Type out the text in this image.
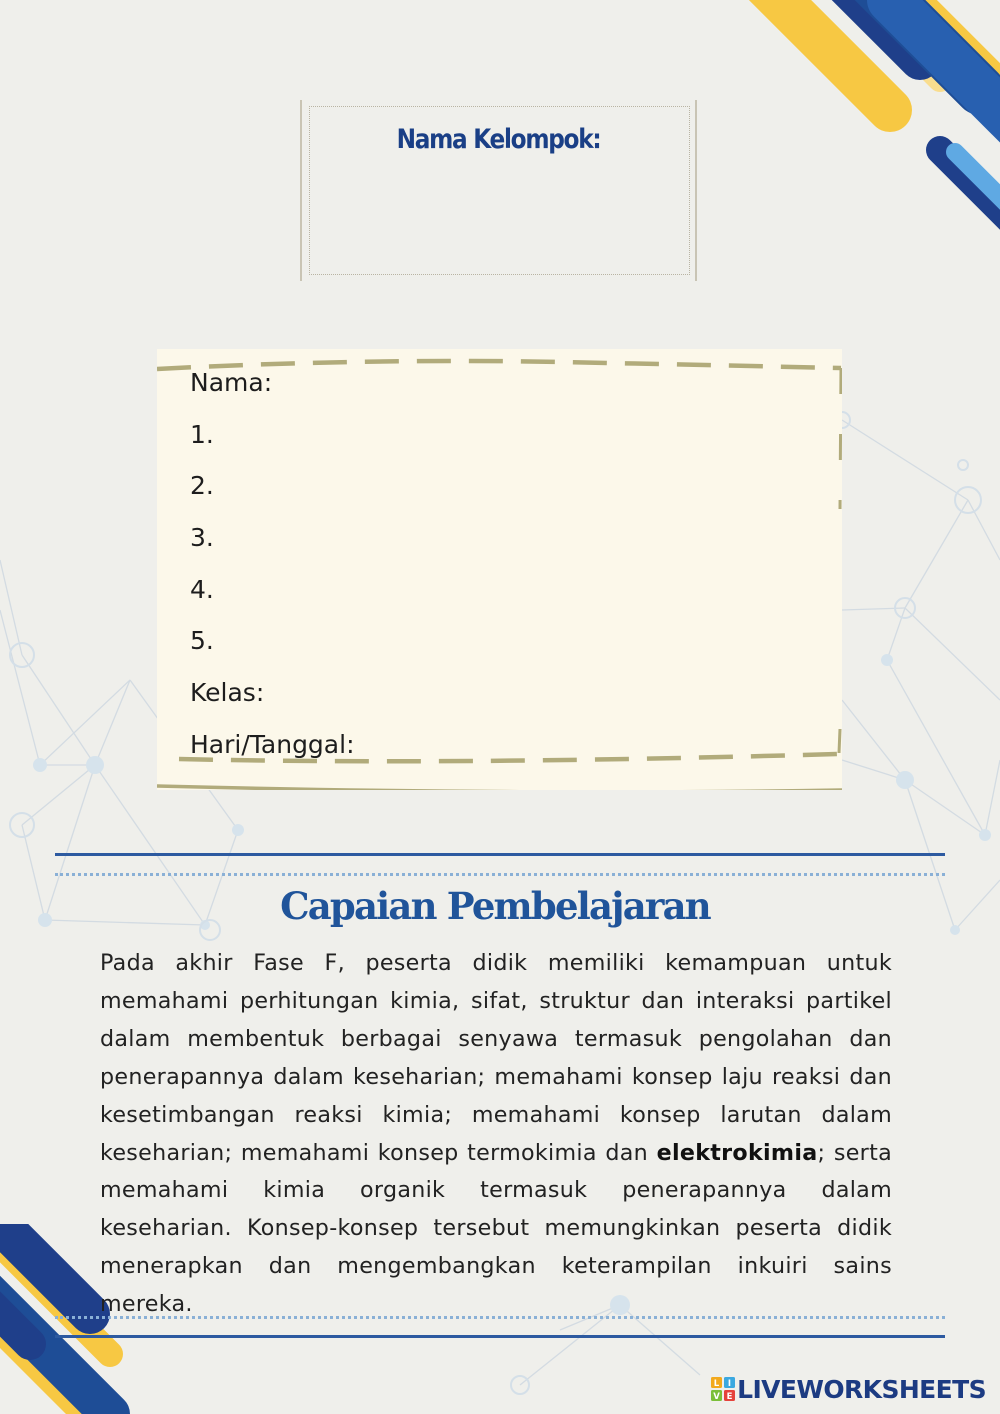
Nama Kelompok:
Nama:
1.
2.
3.
4.
5.
Kelas:
Hari/Tanggal:
Capaian Pembelajaran

Pada akhir Fase F, peserta didik memiliki kemampuan untuk memahami perhitungan kimia, sifat, struktur dan interaksi partikel dalam membentuk berbagai senyawa termasuk pengolahan dan penerapannya dalam keseharian; memahami konsep laju reaksi dan kesetimbangan reaksi kimia; memahami konsep larutan dalam keseharian; memahami konsep termokimia dan elektrokimia; serta memahami kimia organik termasuk penerapannya dalam keseharian. Konsep-konsep tersebut memungkinkan peserta didik menerapkan dan mengembangkan keterampilan inkuiri sains mereka.

L I
V E LIVEWORKSHEETS
